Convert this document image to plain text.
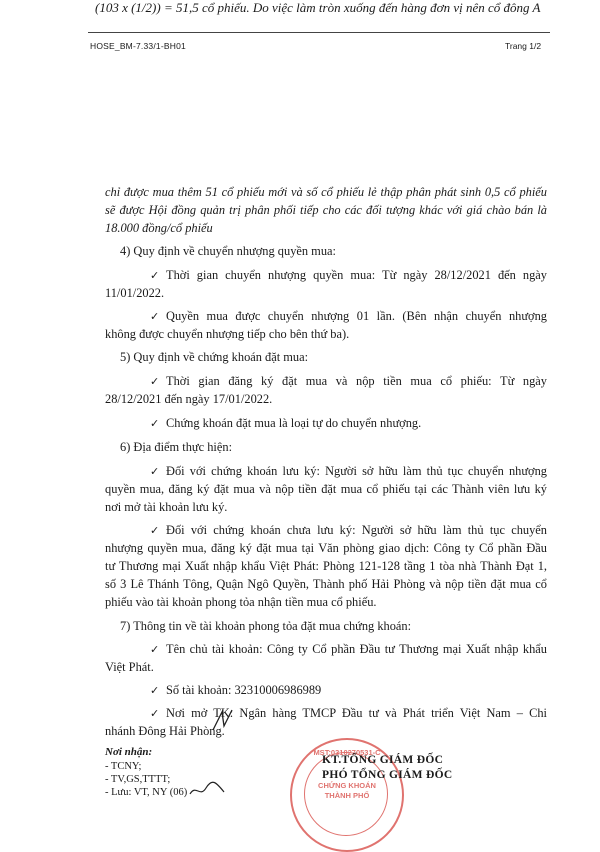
(103 x (1/2)) = 51,5 cổ phiếu. Do việc làm tròn xuống đến hàng đơn vị nên cổ đông A
HOSE_BM-7.33/1-BH01	Trang 1/2
chỉ được mua thêm 51 cổ phiếu mới và số cổ phiếu lẻ thập phân phát sinh 0,5 cổ phiếu
sẽ được Hội đồng quản trị phân phối tiếp cho các đối tượng khác với giá chào bán là
18.000 đồng/cổ phiếu
4) Quy định về chuyển nhượng quyền mua:
✓ Thời gian chuyển nhượng quyền mua: Từ ngày 28/12/2021 đến ngày
11/01/2022.
✓ Quyền mua được chuyển nhượng 01 lần. (Bên nhận chuyển nhượng
không được chuyển nhượng tiếp cho bên thứ ba).
5) Quy định về chứng khoán đặt mua:
✓ Thời gian đăng ký đặt mua và nộp tiền mua cổ phiếu: Từ ngày
28/12/2021 đến ngày 17/01/2022.
✓ Chứng khoán đặt mua là loại tự do chuyển nhượng.
6) Địa điểm thực hiện:
✓ Đối với chứng khoán lưu ký: Người sở hữu làm thủ tục chuyển nhượng
quyền mua, đăng ký đặt mua và nộp tiền đặt mua cổ phiếu tại các Thành viên lưu ký
nơi mở tài khoản lưu ký.
✓ Đối với chứng khoán chưa lưu ký: Người sở hữu làm thủ tục chuyển
nhượng quyền mua, đăng ký đặt mua tại Văn phòng giao dịch: Công ty Cổ phần Đầu
tư Thương mại Xuất nhập khẩu Việt Phát: Phòng 121-128 tầng 1 tòa nhà Thành Đạt 1,
số 3 Lê Thánh Tông, Quận Ngô Quyền, Thành phố Hải Phòng và nộp tiền đặt mua cổ
phiếu vào tài khoản phong tỏa nhận tiền mua cổ phiếu.
7) Thông tin về tài khoản phong tỏa đặt mua chứng khoán:
✓ Tên chủ tài khoản: Công ty Cổ phần Đầu tư Thương mại Xuất nhập khẩu
Việt Phát.
✓ Số tài khoản: 32310006986989
✓ Nơi mở TK: Ngân hàng TMCP Đầu tư và Phát triển Việt Nam – Chi
nhánh Đông Hải Phòng.
Nơi nhận:
- TCNY;
- TV,GS,TTTT;
- Lưu: VT, NY (06)
MST:0310270531-C
CHỨNG KHOÁN
THÀNH PHỐ
KT.TỔNG GIÁM ĐỐC
PHÓ TỔNG GIÁM ĐỐC
